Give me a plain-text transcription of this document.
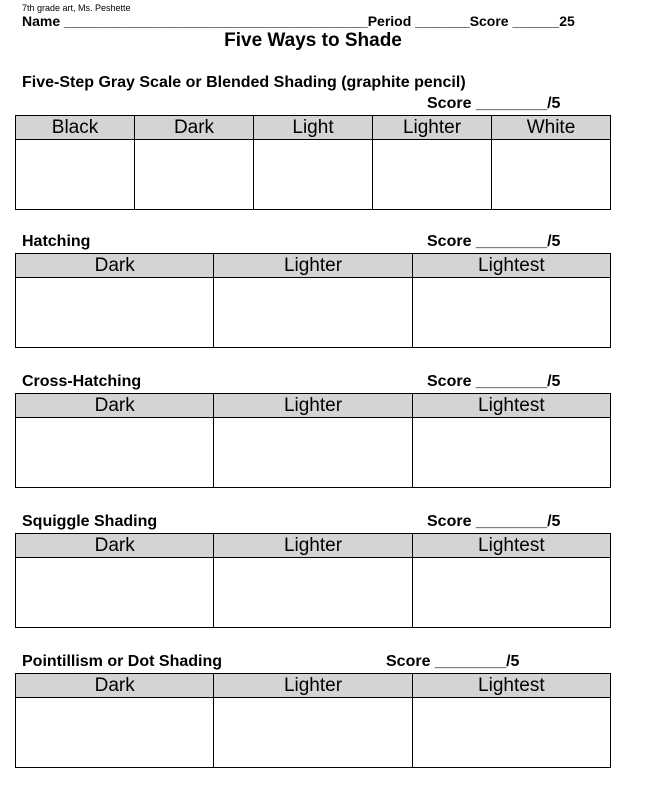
7th grade art, Ms. Peshette
Name _______________________________________Period _______Score ______25
Five Ways to Shade
Five-Step Gray Scale or Blended Shading (graphite pencil)
Score ________/5
Black	Dark	Light	Lighter	White

Hatching	Score ________/5
Dark	Lighter	Lightest

Cross-Hatching	Score ________/5
Dark	Lighter	Lightest

Squiggle Shading	Score ________/5
Dark	Lighter	Lightest

Pointillism or Dot Shading	Score ________/5
Dark	Lighter	Lightest
